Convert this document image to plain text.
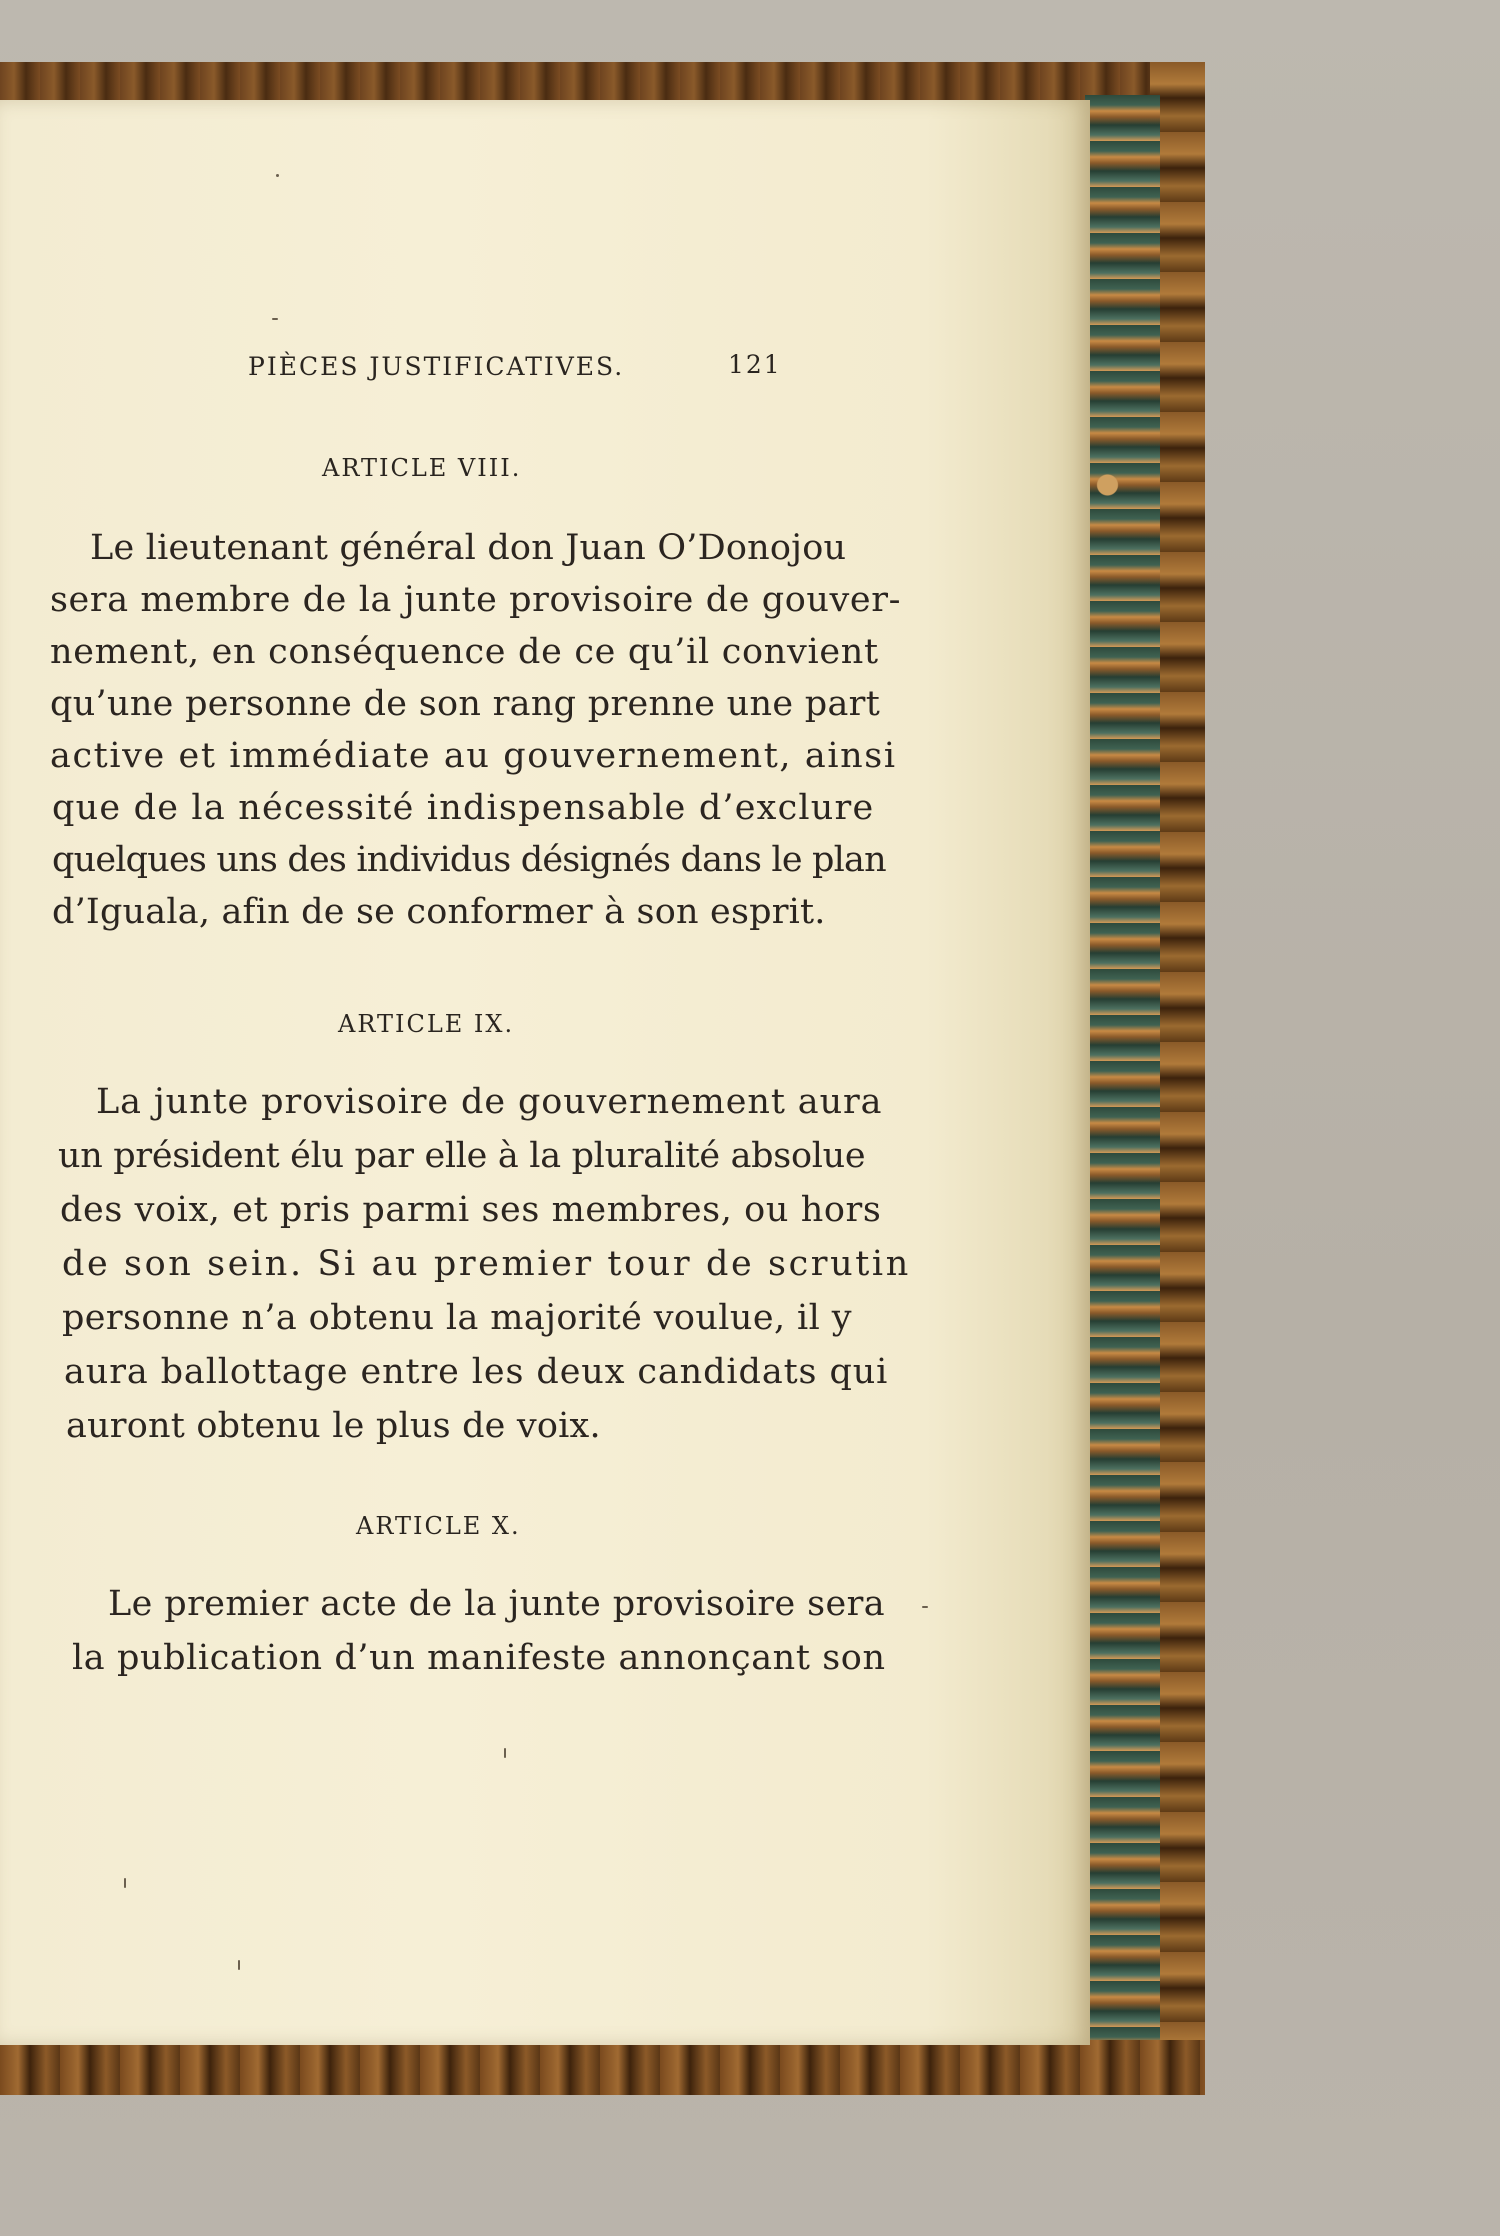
PIÈCES JUSTIFICATIVES.	121
ARTICLE VIII.
Le lieutenant général don Juan O’Donojou
sera membre de la junte provisoire de gouver-
nement, en conséquence de ce qu’il convient
qu’une personne de son rang prenne une part
active et immédiate au gouvernement, ainsi
que de la nécessité indispensable d’exclure
quelques uns des individus désignés dans le plan
d’Iguala, afin de se conformer à son esprit.
ARTICLE IX.
La junte provisoire de gouvernement aura
un président élu par elle à la pluralité absolue
des voix, et pris parmi ses membres, ou hors
de son sein. Si au premier tour de scrutin
personne n’a obtenu la majorité voulue, il y
aura ballottage entre les deux candidats qui
auront obtenu le plus de voix.
ARTICLE X.
Le premier acte de la junte provisoire sera
la publication d’un manifeste annonçant son
